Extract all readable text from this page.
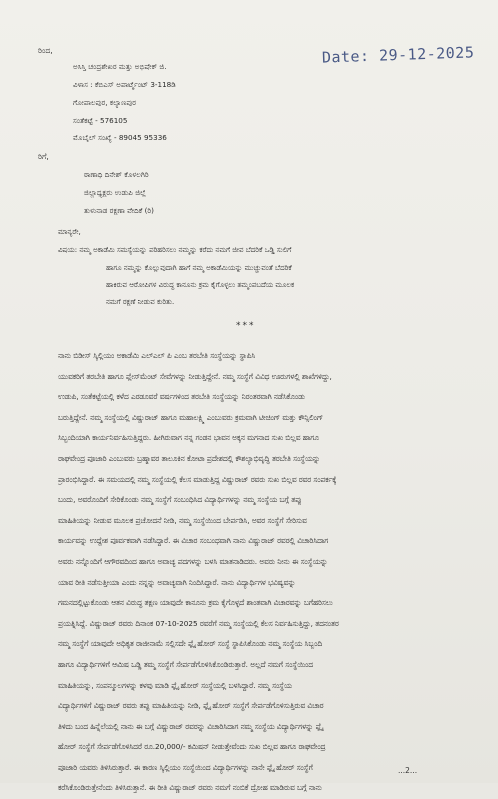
ರಿಂದ,
ಅಸಿಸ್ತಿ ಚಂದ್ರಶೇಖರ ಮತ್ತು ಅಭಿಷೇಕ್ ಜಿ.
ವಿಳಾಸ : ಕೆಬಿಎಸ್ ಅಪಾರ್ಟ್ಮೆಂಟ್ 3-118ಡಿ
ಗೋಪಾಲಪುರ, ಕಲ್ಯಾಣಪುರ
ಸಂತೆಕಟ್ಟೆ - 576105
ಮೊಬೈಲ್ ಸಂಖ್ಯೆ - 89045 95336
Date: 29-12-2025
ರಿಗೆ,
ಠಾಣಾಧಿ ದಿನೇಶ್ ಕೊಳಲಗಿರಿ
ಜಿಲ್ಲಾಧ್ಯಕ್ಷರು ಉಡುಪಿ ಜಿಲ್ಲೆ
ತುಳುನಾಡ ರಕ್ಷಣಾ ವೇದಿಕೆ (ರಿ)
ಮಾನ್ಯರೇ,
ವಿಷಯ: ನಮ್ಮ ಅಕಾಡೆಮಿ ಸಮಸ್ಯೆಯನ್ನು ಪರಿಹರಿಸಲು ನಮ್ಮನ್ನು ಕರೆದು ನಮಗೆ ಜೀವ ಬೆದರಿಕೆ ಒಡ್ಡಿ ಸುಲಿಗೆ
ಹಾಗೂ ನಮ್ಮನ್ನು ಕೊಲ್ಲುವುದಾಗಿ ಹಾಗೆ ನಮ್ಮ ಅಕಾಡೆಮಿಯನ್ನು ಮುಚ್ಚುವಂತೆ ಬೆದರಿಕೆ
ಹಾಕಿರುವ ಆರೋಪಿಗಳ ವಿರುದ್ಧ ಕಾನೂನು ಕ್ರಮ ಕೈಗೊಳ್ಳಲು ತಮ್ಮಂಪಬದೆಯ ಮೂಲಕ
ನಮಗೆ ರಕ್ಷಣೆ ನೀಡುವ ಕುರಿತು.
***

ನಾನು ಬಿಡೀಸ್ ಸ್ಕಿಲ್ಲಿಯಂ ಅಕಾಡೆಮಿ ಎಲ್ಎಲ್ ಪಿ ಎಂಬ ತರಬೇತಿ ಸಂಸ್ಥೆಯನ್ನು ಸ್ಥಾಪಿಸಿ

ಯುವಕರಿಗೆ ತರಬೇತಿ ಹಾಗೂ ಪ್ಲೇಸ್‌ಮೆಂಟ್ ಸೇವೆಗಳನ್ನು ನೀಡುತ್ತಿದ್ದೇನೆ. ನಮ್ಮ ಸಂಸ್ಥೆಗೆ ವಿವಿಧ ಊರುಗಳಲ್ಲಿ ಶಾಖೆಗಳಿದ್ದು,

ಉಡುಪಿ, ಸಂತೆಕಟ್ಟೆಯಲ್ಲಿ ಕಳೆದ ಎರಡೂವರೆ ವರ್ಷಗಳಿಂದ ತರಬೇತಿ ಸಂಸ್ಥೆಯನ್ನು ನಿರಂತರವಾಗಿ ನಡೆಸಿಕೊಂಡು

ಬರುತ್ತಿದ್ದೇನೆ. ನಮ್ಮ ಸಂಸ್ಥೆಯಲ್ಲಿ ವಿಷ್ಣುರಾಜ್ ಹಾಗೂ ಮಹಾಲಕ್ಷ್ಮಿ ಎಂಬುವರು ಕ್ರಮವಾಗಿ ಟೀಚಿಂಗ್ ಮತ್ತು ಕೌನ್ಸಿಲಿಂಗ್

ಸಿಬ್ಬಂದಿಯಾಗಿ ಕಾರ್ಯನಿರ್ವಹಿಸುತ್ತಿದ್ದರು. ಹೀಗಿರುವಾಗ ನನ್ನ ಗಂಡನ ಭಾವನ ಅಕ್ಕನ ಮಗನಾದ ಸುಖ ಬಿಲ್ಲವ ಹಾಗೂ

ರಾಘವೇಂದ್ರ ಪೂಜಾರಿ ಎಂಬುವರು ಬ್ರಹ್ಮಾವರ ತಾಲೂಕಿನ ಕೋಟಾ ಪ್ರದೇಶದಲ್ಲಿ ಕೌಶಲ್ಯಾಭಿವೃದ್ಧಿ ತರಬೇತಿ ಸಂಸ್ಥೆಯನ್ನು

ಪ್ರಾರಂಭಿಸಿದ್ದಾರೆ. ಈ ಸಮಯದಲ್ಲಿ ನಮ್ಮ ಸಂಸ್ಥೆಯಲ್ಲಿ ಕೆಲಸ ಮಾಡುತ್ತಿದ್ದ ವಿಷ್ಣುರಾಜ್ ರವರು ಸುಖ ಬಿಲ್ಲವ ರವರ ಸಂಪರ್ಕಕ್ಕೆ

ಬಂದು, ಅವರೊಂದಿಗೆ ಸೇರಿಕೊಂಡು ನಮ್ಮ ಸಂಸ್ಥೆಗೆ ಸಂಬಂಧಿಸಿದ ವಿದ್ಯಾರ್ಥಿಗಳನ್ನು ನಮ್ಮ ಸಂಸ್ಥೆಯ ಬಗ್ಗೆ ತಪ್ಪು

ಮಾಹಿತಿಯನ್ನು ನೀಡುವ ಮೂಲಕ ಪ್ರಚೋದನೆ ನೀಡಿ, ನಮ್ಮ ಸಂಸ್ಥೆಯಿಂದ ಬೇರ್ಪಡಿಸಿ, ಅವರ ಸಂಸ್ಥೆಗೆ ಸೇರಿಸುವ

ಕಾರ್ಯವನ್ನು ಉದ್ದೇಶ ಪೂರ್ವಕವಾಗಿ ನಡೆಸಿದ್ದಾರೆ. ಈ ವಿಚಾರ ಸಂಬಂಧವಾಗಿ ನಾನು ವಿಷ್ಣುರಾಜ್ ರವರಲ್ಲಿ ವಿಚಾರಿಸಿದಾಗ

ಅವರು ನನ್ನೊಂದಿಗೆ ಆಗೌರವದಿಂದ ಹಾಗೂ ಅವಾಚ್ಯ ಪದಗಳನ್ನು ಬಳಸಿ ಮಾತನಾಡಿದರು. ಅವರು ನೀನು ಈ ಸಂಸ್ಥೆಯನ್ನು

ಯಾವ ರೀತಿ ನಡೆಸುತ್ತೀಯಾ ಎಂದು ನನ್ನನ್ನು ಅವಾಚ್ಯವಾಗಿ ನಿಂದಿಸಿದ್ದಾರೆ. ನಾನು ವಿದ್ಯಾರ್ಥಿಗಳ ಭವಿಷ್ಯವನ್ನು

ಗಮನದಲ್ಲಿಟ್ಟುಕೊಂಡು ಆತನ ವಿರುದ್ಧ ತಕ್ಷಣ ಯಾವುದೇ ಕಾನೂನು ಕ್ರಮ ಕೈಗೊಳ್ಳದೆ ಶಾಂತವಾಗಿ ವಿಚಾರವನ್ನು ಬಗೆಹರಿಸಲು

ಪ್ರಯತ್ನಿಸಿದ್ದೆ. ವಿಷ್ಣುರಾಜ್ ರವರು ದಿನಾಂಕ 07-10-2025 ರವರೆಗೆ ನಮ್ಮ ಸಂಸ್ಥೆಯಲ್ಲಿ ಕೆಲಸ ನಿರ್ವಹಿಸುತ್ತಿದ್ದು, ತದನಂತರ

ನಮ್ಮ ಸಂಸ್ಥೆಗೆ ಯಾವುದೇ ಅಧಿಕೃತ ರಾಜೀನಾಮೆ ಸಲ್ಲಿಸದೇ ಫ್ಲೈ ಹೋರ್ ಸಂಸ್ಥೆ ಸ್ಥಾಪಿಸಿಕೊಂಡು ನಮ್ಮ ಸಂಸ್ಥೆಯ ಸಿಬ್ಬಂದಿ

ಹಾಗೂ ವಿದ್ಯಾರ್ಥಿಗಳಿಗೆ ಆಮಿಷ ಒಡ್ಡಿ ತಮ್ಮ ಸಂಸ್ಥೆಗೆ ಸೇರ್ಪಡೆಗೊಳಿಸಿಕೊಂಡಿರುತ್ತಾರೆ. ಅಲ್ಲದೆ ನಮಗೆ ಸಂಸ್ಥೆಯಿಂದ

ಮಾಹಿತಿಯನ್ನು, ಸಂಪನ್ಮೂಲಗಳನ್ನು ಕಳವು ಮಾಡಿ ಫ್ಲೈ ಹೋರ್ ಸಂಸ್ಥೆಯಲ್ಲಿ ಬಳಸಿದ್ದಾರೆ. ನಮ್ಮ ಸಂಸ್ಥೆಯ

ವಿದ್ಯಾರ್ಥಿಗಳಿಗೆ ವಿಷ್ಣುರಾಜ್ ರವರು ತಪ್ಪು ಮಾಹಿತಿಯನ್ನು ನೀಡಿ, ಫ್ಲೈ ಹೋರ್ ಸಂಸ್ಥೆಗೆ ಸೇರ್ಪಡೆಗೊಳಿಸುತ್ತಿರುವ ವಿಚಾರ

ತಿಳಿದು ಬಂದ ಹಿನ್ನೆಲೆಯಲ್ಲಿ ನಾನು ಈ ಬಗ್ಗೆ ವಿಷ್ಣುರಾಜ್ ರವರನ್ನು ವಿಚಾರಿಸಿದಾಗ ನಮ್ಮ ಸಂಸ್ಥೆಯ ವಿದ್ಯಾರ್ಥಿಗಳನ್ನು ಫ್ಲೈ

ಹೋರ್ ಸಂಸ್ಥೆಗೆ ಸೇರ್ಪಡೆಗೊಳಿಸಿದರೆ ರೂ.20,000/- ಕಮಿಷನ್ ನೀಡುತ್ತೇವೆಂದು ಸುಖ ಬಿಲ್ಲವ ಹಾಗೂ ರಾಘವೇಂದ್ರ

ಪೂಜಾರಿ ಯವರು ತಿಳಿಸಿರುತ್ತಾರೆ. ಈ ಕಾರಣ ಸ್ಕಿಲ್ಲಿಯಂ ಸಂಸ್ಥೆಯಿಂದ ವಿದ್ಯಾರ್ಥಿಗಳನ್ನು ನಾನೇ ಫ್ಲೈ ಹೋರ್ ಸಂಸ್ಥೆಗೆ

ಕರೆಸಿಕೊಂಡಿರುತ್ತೇನೆಂದು ತಿಳಿಸಿರುತ್ತಾನೆ. ಈ ರೀತಿ ವಿಷ್ಣುರಾಜ್ ರವರು ನಮಗೆ ನಂಬಿಕೆ ದ್ರೋಹ ಮಾಡಿರುವ ಬಗ್ಗೆ ನಾನು

...2...
